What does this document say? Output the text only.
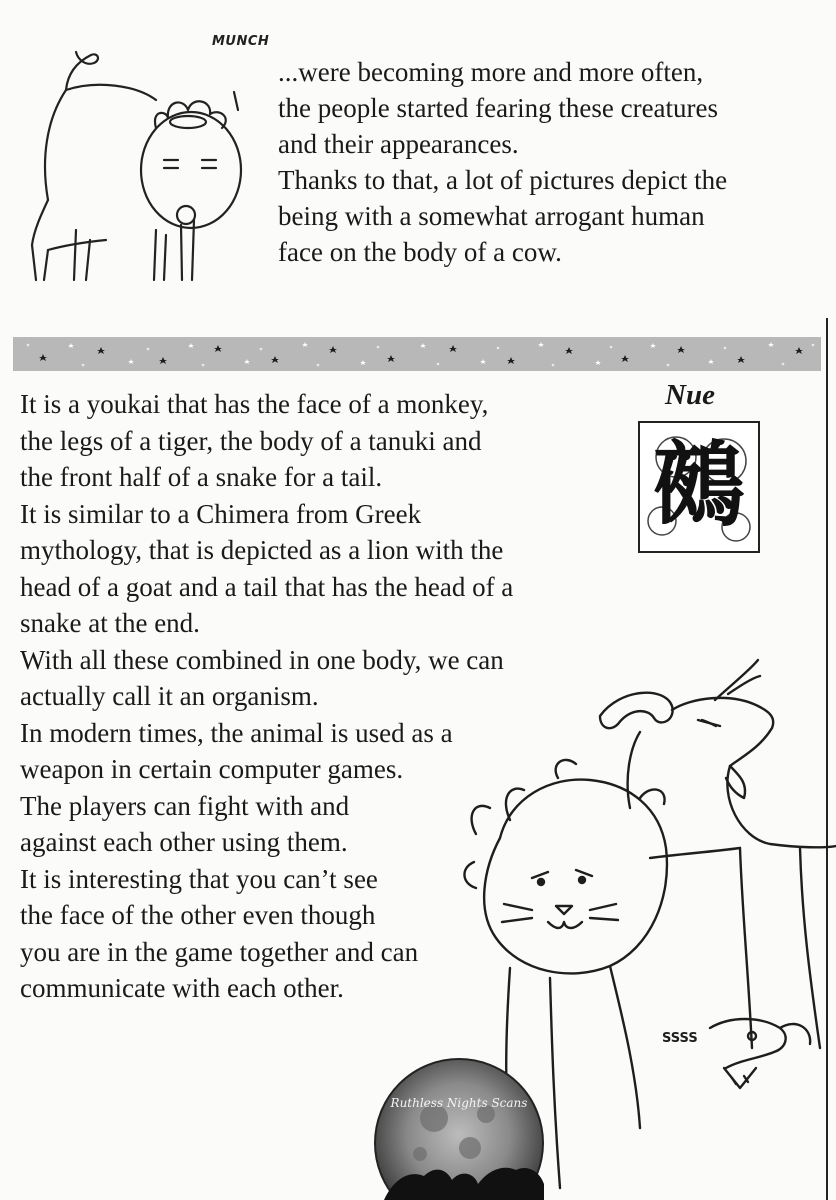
MUNCH

...were becoming more and more often,

the people started fearing these creatures

and their appearances.

Thanks to that, a lot of pictures depict the

being with a somewhat arrogant human

face on the body of a cow.

Nue
鵺

It is a youkai that has the face of a monkey,

the legs of a tiger, the body of a tanuki and

the front half of a snake for a tail.

It is similar to a Chimera from Greek

mythology, that is depicted as a lion with the

head of a goat and a tail that has the head of a

snake at the end.

With all these combined in one body, we can

actually call it an organism.

In modern times, the animal is used as a

weapon in certain computer games.

The players can fight with and

against each other using them.

It is interesting that you can’t see

the face of the other even though

you are in the game together and can

communicate with each other.

SSSS
Ruthless Nights Scans
